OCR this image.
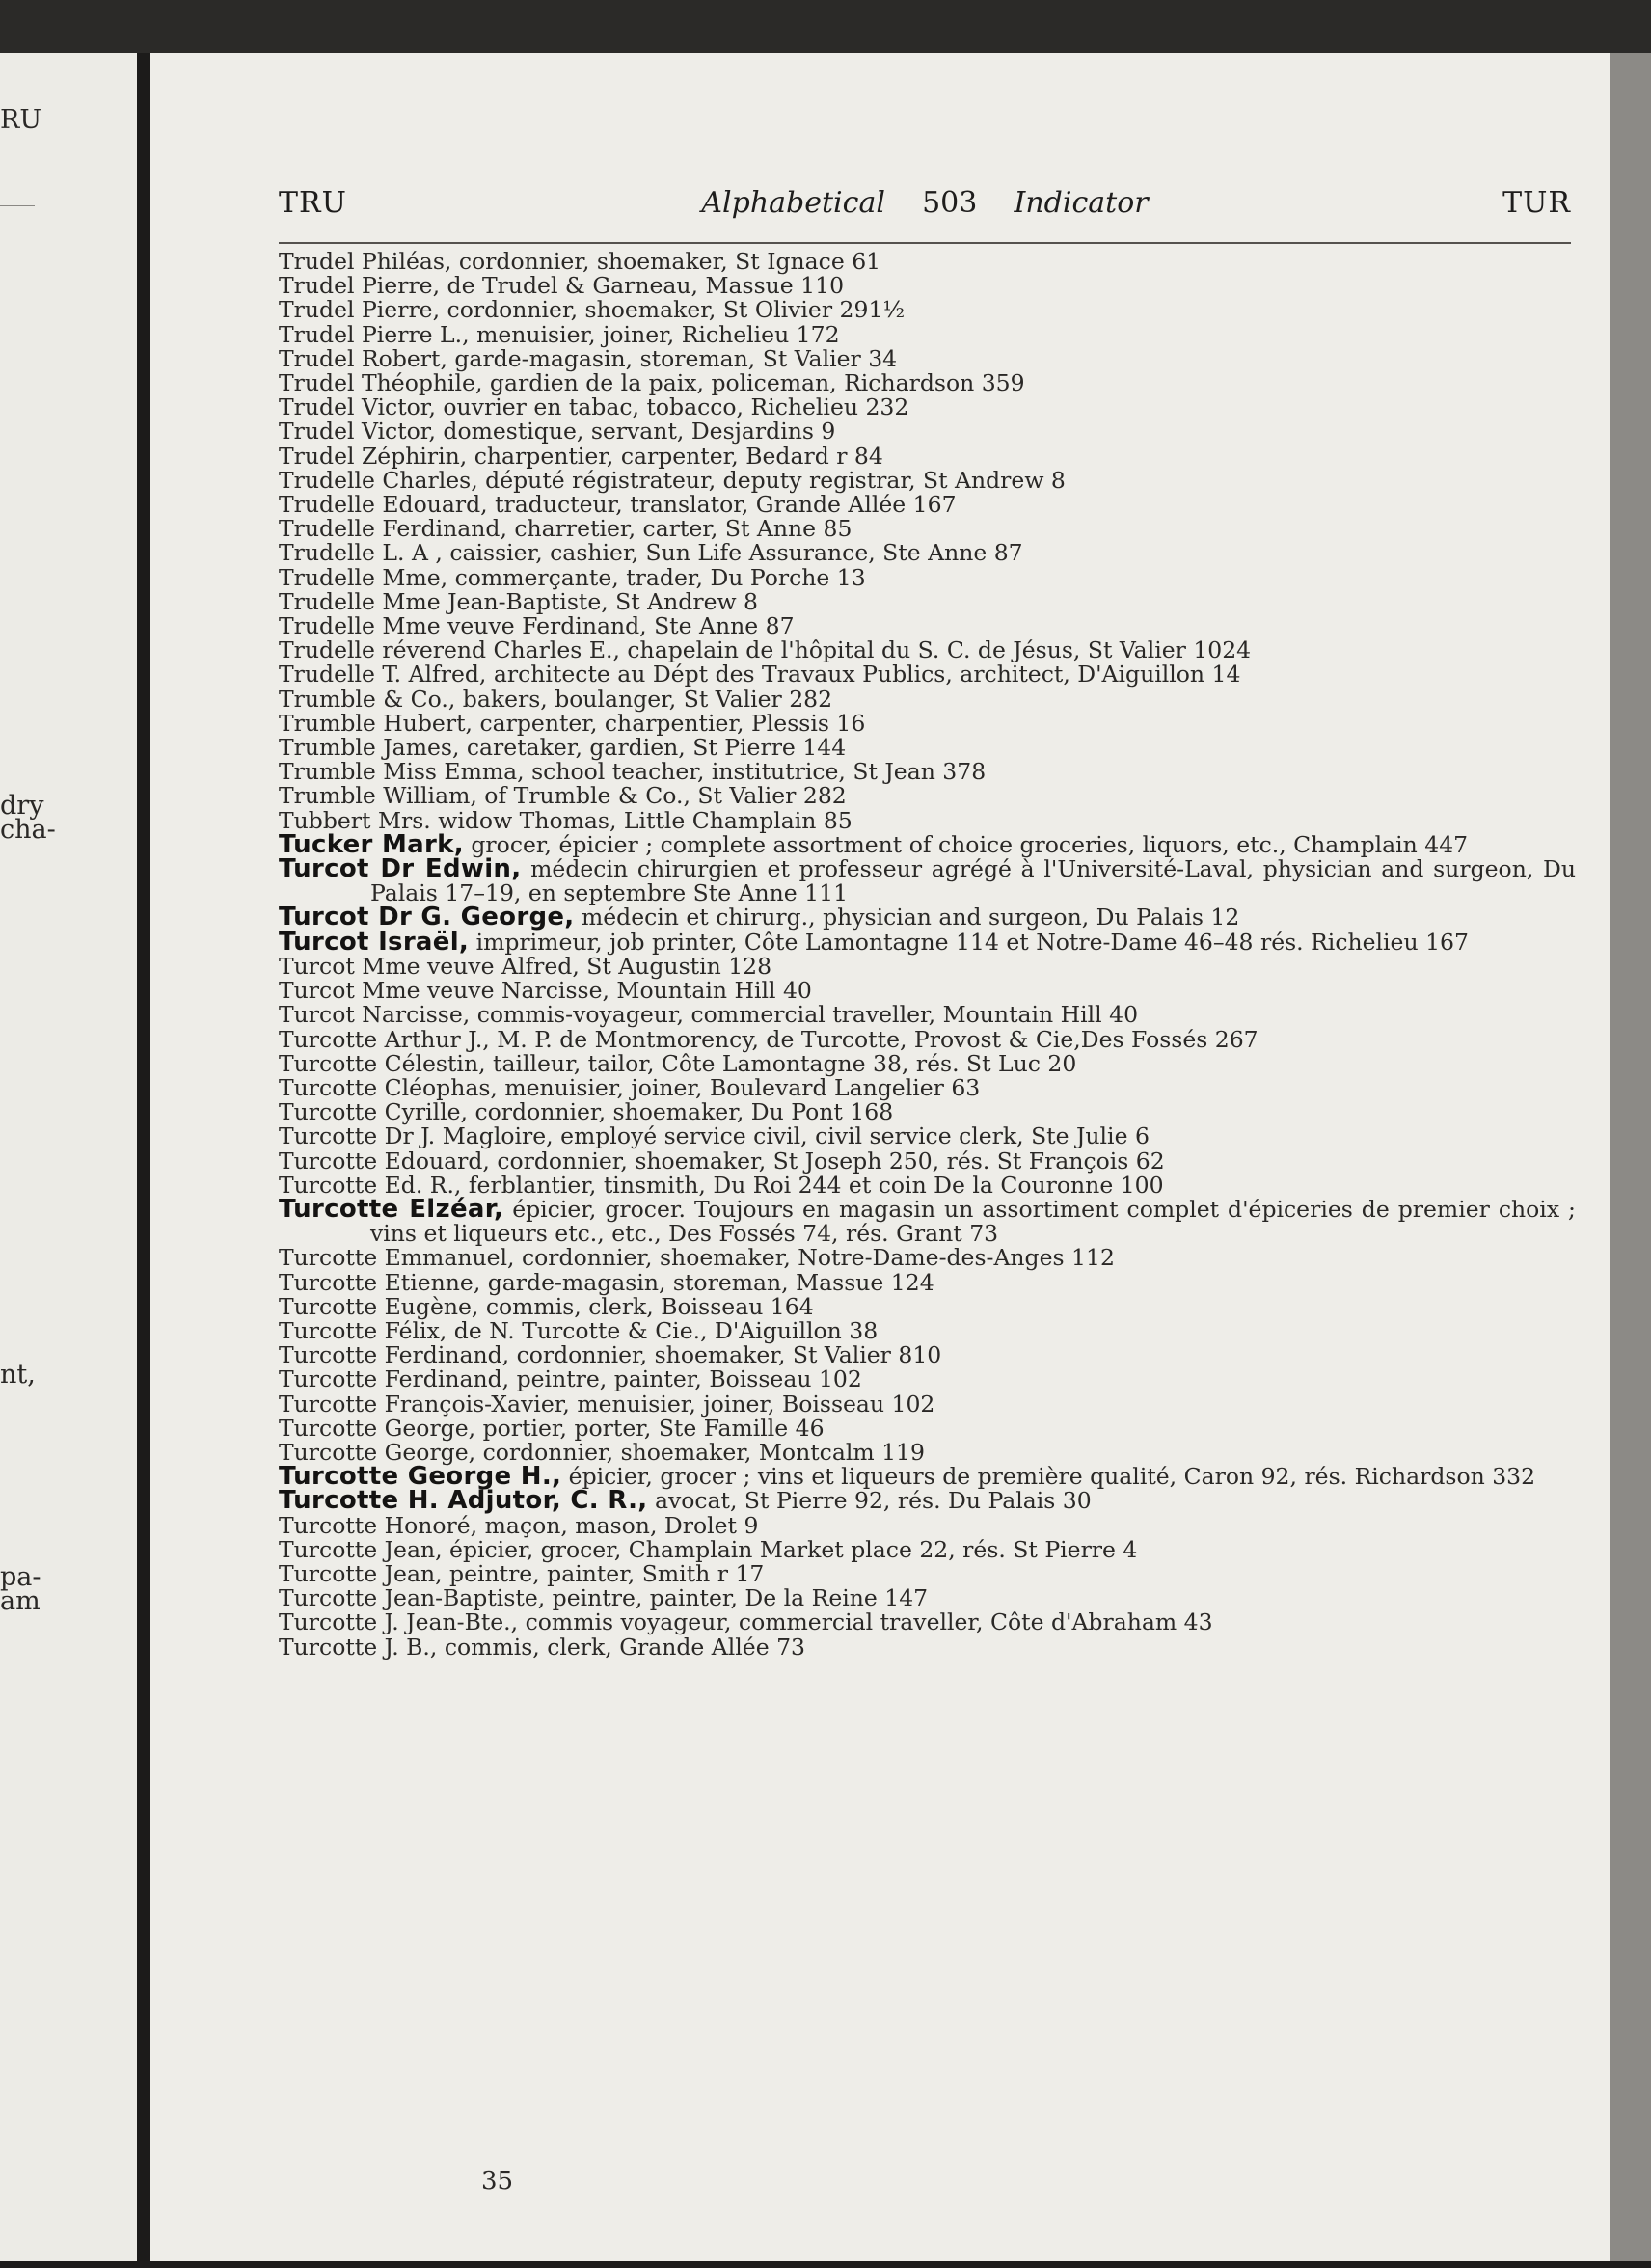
RU
dry
cha-
nt,
pa-
am
TRU	Alphabetical 503 Indicator	TUR
Trudel Philéas, cordonnier, shoemaker, St Ignace 61
Trudel Pierre, de Trudel & Garneau, Massue 110
Trudel Pierre, cordonnier, shoemaker, St Olivier 291½
Trudel Pierre L., menuisier, joiner, Richelieu 172
Trudel Robert, garde-magasin, storeman, St Valier 34
Trudel Théophile, gardien de la paix, policeman, Richardson 359
Trudel Victor, ouvrier en tabac, tobacco, Richelieu 232
Trudel Victor, domestique, servant, Desjardins 9
Trudel Zéphirin, charpentier, carpenter, Bedard r 84
Trudelle Charles, député régistrateur, deputy registrar, St Andrew 8
Trudelle Edouard, traducteur, translator, Grande Allée 167
Trudelle Ferdinand, charretier, carter, St Anne 85
Trudelle L. A , caissier, cashier, Sun Life Assurance, Ste Anne 87
Trudelle Mme, commerçante, trader, Du Porche 13
Trudelle Mme Jean-Baptiste, St Andrew 8
Trudelle Mme veuve Ferdinand, Ste Anne 87
Trudelle réverend Charles E., chapelain de l'hôpital du S. C. de Jésus, St Valier 1024
Trudelle T. Alfred, architecte au Dépt des Travaux Publics, architect, D'Aiguillon 14
Trumble & Co., bakers, boulanger, St Valier 282
Trumble Hubert, carpenter, charpentier, Plessis 16
Trumble James, caretaker, gardien, St Pierre 144
Trumble Miss Emma, school teacher, institutrice, St Jean 378
Trumble William, of Trumble & Co., St Valier 282
Tubbert Mrs. widow Thomas, Little Champlain 85
Tucker Mark, grocer, épicier ; complete assortment of choice groceries, liquors, etc., Champlain 447
Turcot Dr Edwin, médecin chirurgien et professeur agrégé à l'Université-Laval, physician and surgeon, Du Palais 17–19, en septembre Ste Anne 111
Turcot Dr G. George, médecin et chirurg., physician and surgeon, Du Palais 12
Turcot Israël, imprimeur, job printer, Côte Lamontagne 114 et Notre-Dame 46–48 rés. Richelieu 167
Turcot Mme veuve Alfred, St Augustin 128
Turcot Mme veuve Narcisse, Mountain Hill 40
Turcot Narcisse, commis-voyageur, commercial traveller, Mountain Hill 40
Turcotte Arthur J., M. P. de Montmorency, de Turcotte, Provost & Cie,Des Fossés 267
Turcotte Célestin, tailleur, tailor, Côte Lamontagne 38, rés. St Luc 20
Turcotte Cléophas, menuisier, joiner, Boulevard Langelier 63
Turcotte Cyrille, cordonnier, shoemaker, Du Pont 168
Turcotte Dr J. Magloire, employé service civil, civil service clerk, Ste Julie 6
Turcotte Edouard, cordonnier, shoemaker, St Joseph 250, rés. St François 62
Turcotte Ed. R., ferblantier, tinsmith, Du Roi 244 et coin De la Couronne 100
Turcotte Elzéar, épicier, grocer. Toujours en magasin un assortiment complet d'épiceries de premier choix ; vins et liqueurs etc., etc., Des Fossés 74, rés. Grant 73
Turcotte Emmanuel, cordonnier, shoemaker, Notre-Dame-des-Anges 112
Turcotte Etienne, garde-magasin, storeman, Massue 124
Turcotte Eugène, commis, clerk, Boisseau 164
Turcotte Félix, de N. Turcotte & Cie., D'Aiguillon 38
Turcotte Ferdinand, cordonnier, shoemaker, St Valier 810
Turcotte Ferdinand, peintre, painter, Boisseau 102
Turcotte François-Xavier, menuisier, joiner, Boisseau 102
Turcotte George, portier, porter, Ste Famille 46
Turcotte George, cordonnier, shoemaker, Montcalm 119
Turcotte George H., épicier, grocer ; vins et liqueurs de première qualité, Caron 92, rés. Richardson 332
Turcotte H. Adjutor, C. R., avocat, St Pierre 92, rés. Du Palais 30
Turcotte Honoré, maçon, mason, Drolet 9
Turcotte Jean, épicier, grocer, Champlain Market place 22, rés. St Pierre 4
Turcotte Jean, peintre, painter, Smith r 17
Turcotte Jean-Baptiste, peintre, painter, De la Reine 147
Turcotte J. Jean-Bte., commis voyageur, commercial traveller, Côte d'Abraham 43
Turcotte J. B., commis, clerk, Grande Allée 73
35
